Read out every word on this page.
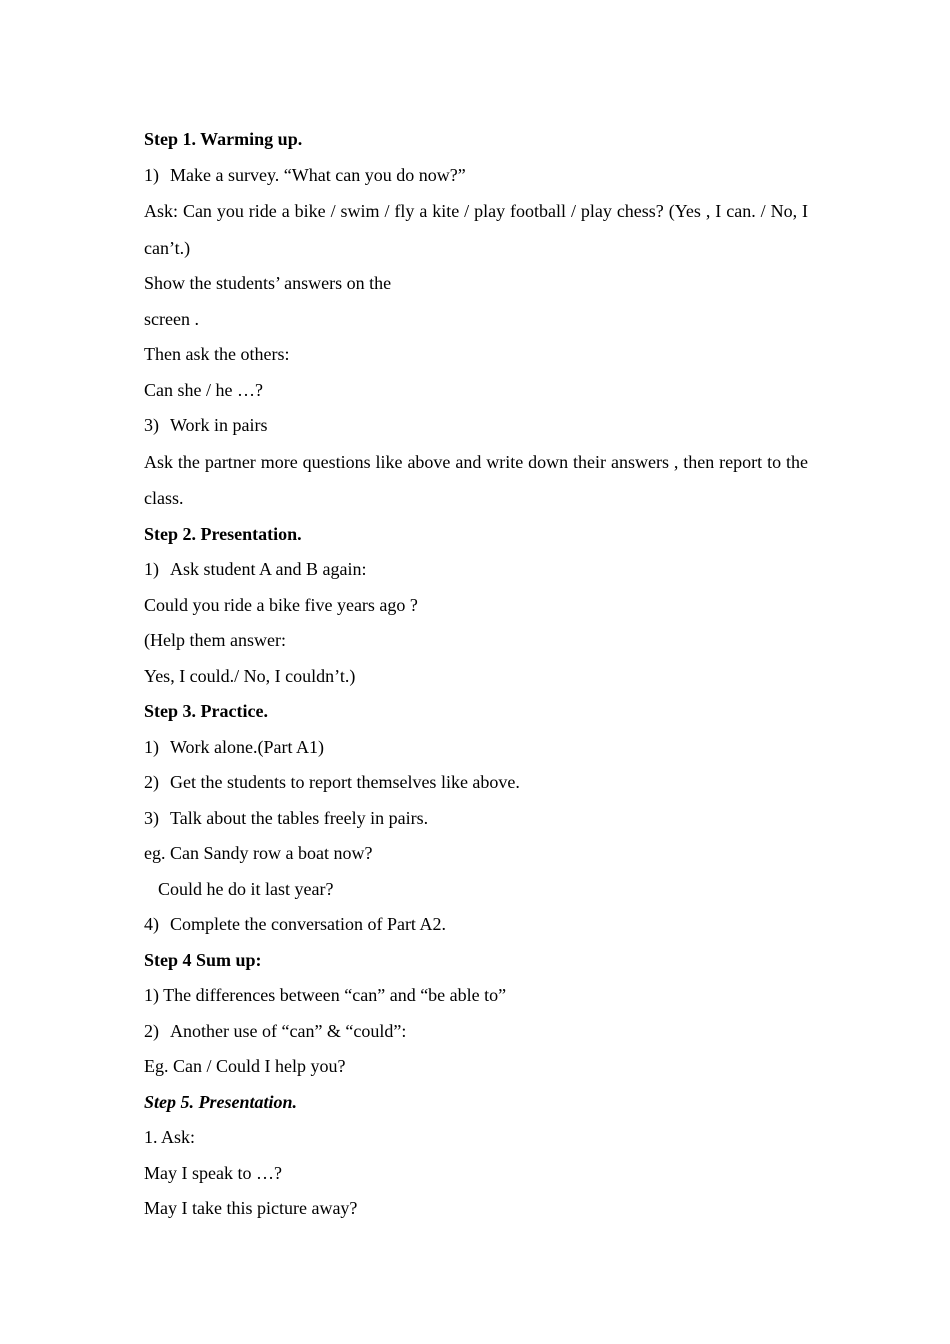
Step 1. Warming up.

1) Make a survey. “What can you do now?”

Ask: Can you ride a bike / swim / fly a kite / play football / play chess? (Yes , I can. / No, I can’t.)

Show the students’ answers on the

screen .

Then ask the others:

Can she / he …?

3) Work in pairs

Ask the partner more questions like above and write down their answers , then report to the class.

Step 2. Presentation.

1) Ask student A and B again:

Could you ride a bike five years ago ?

(Help them answer:

Yes, I could./ No, I couldn’t.)

Step 3. Practice.

1) Work alone.(Part A1)

2) Get the students to report themselves like above.

3) Talk about the tables freely in pairs.

eg. Can Sandy row a boat now?

Could he do it last year?

4) Complete the conversation of Part A2.

Step 4 Sum up:

1) The differences between “can” and “be able to”

2) Another use of “can” & “could”:

Eg. Can / Could I help you?

Step 5. Presentation.

1. Ask:

May I speak to …?

May I take this picture away?
